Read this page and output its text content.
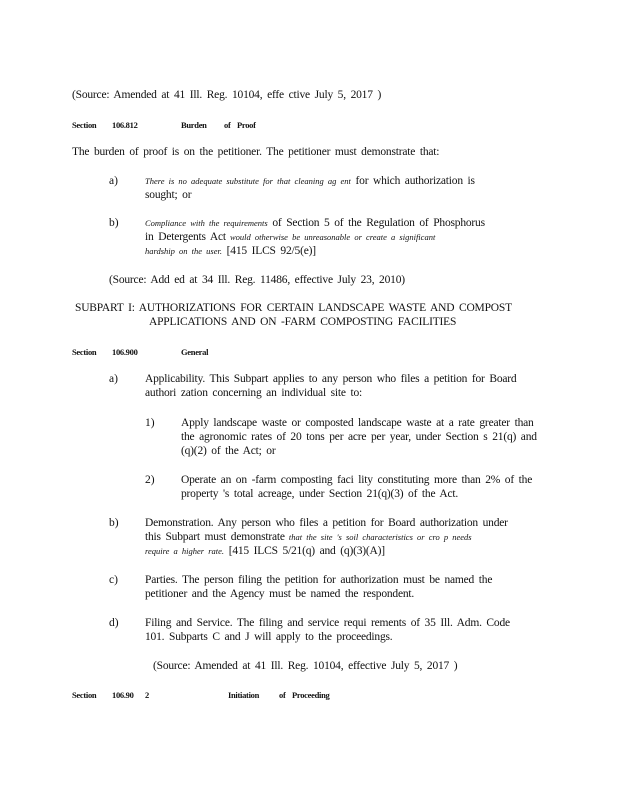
(Source: Amended at 41 Ill. Reg. 10104, effe ctive July 5, 2017 )
Section 106.812	Burden of Proof
The burden of proof is on the petitioner. The petitioner must demonstrate that:
a)	There is no adequate substitute for that cleaning ag ent for which authorization is
sought; or
b)	Compliance with the requirements of Section 5 of the Regulation of Phosphorus
in Detergents Act would otherwise be unreasonable or create a significant
hardship on the user. [415 ILCS 92/5(e)]
(Source: Add ed at 34 Ill. Reg. 11486, effective July 23, 2010)
SUBPART I: AUTHORIZATIONS FOR CERTAIN LANDSCAPE WASTE AND COMPOST
APPLICATIONS AND ON -FARM COMPOSTING FACILITIES
Section 106.900	General
a) Applicability. This Subpart applies to any person who files a petition for Board
authori zation concerning an individual site to:
1) Apply landscape waste or composted landscape waste at a rate greater than
the agronomic rates of 20 tons per acre per year, under Section s 21(q) and
(q)(2) of the Act; or
2) Operate an on -farm composting faci lity constituting more than 2% of the
property 's total acreage, under Section 21(q)(3) of the Act.
b) Demonstration. Any person who files a petition for Board authorization under
this Subpart must demonstrate that the site 's soil characteristics or cro p needs
require a higher rate. [415 ILCS 5/21(q) and (q)(3)(A)]
c) Parties. The person filing the petition for authorization must be named the
petitioner and the Agency must be named the respondent.
d) Filing and Service. The filing and service requi rements of 35 Ill. Adm. Code
101. Subparts C and J will apply to the proceedings.
(Source: Amended at 41 Ill. Reg. 10104, effective July 5, 2017 )
Section 106.90 2	Initiation of Proceeding
